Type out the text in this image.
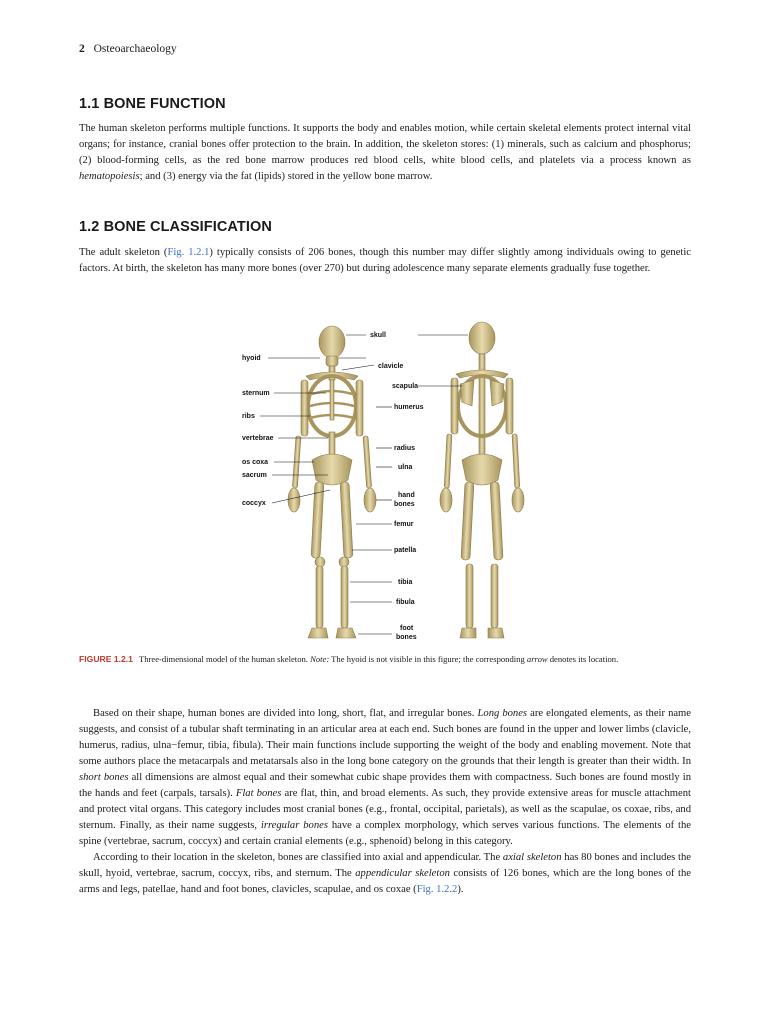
2 Osteoarchaeology
1.1 BONE FUNCTION
The human skeleton performs multiple functions. It supports the body and enables motion, while certain skeletal elements protect internal vital organs; for instance, cranial bones offer protection to the brain. In addition, the skeleton stores: (1) minerals, such as calcium and phosphorus; (2) blood-forming cells, as the red bone marrow produces red blood cells, white blood cells, and platelets via a process known as hematopoiesis; and (3) energy via the fat (lipids) stored in the yellow bone marrow.
1.2 BONE CLASSIFICATION
The adult skeleton (Fig. 1.2.1) typically consists of 206 bones, though this number may differ slightly among individuals owing to genetic factors. At birth, the skeleton has many more bones (over 270) but during adolescence many separate elements gradually fuse together.
hyoid
sternum
ribs
vertebrae
os coxa
sacrum
coccyx
skull
clavicle
scapula
humerus
radius
ulna
hand
bones
femur
patella
tibia
fibula
foot
bones
FIGURE 1.2.1 Three-dimensional model of the human skeleton. Note: The hyoid is not visible in this figure; the corresponding arrow denotes its location.

Based on their shape, human bones are divided into long, short, flat, and irregular bones. Long bones are elongated elements, as their name suggests, and consist of a tubular shaft terminating in an articular area at each end. Such bones are found in the upper and lower limbs (clavicle, humerus, radius, ulna−femur, tibia, fibula). Their main functions include supporting the weight of the body and enabling movement. Note that some authors place the metacarpals and metatarsals also in the long bone category on the grounds that their length is greater than their width. In short bones all dimensions are almost equal and their somewhat cubic shape provides them with compactness. Such bones are found mostly in the hands and feet (carpals, tarsals). Flat bones are flat, thin, and broad elements. As such, they provide extensive areas for muscle attachment and protect vital organs. This category includes most cranial bones (e.g., frontal, occipital, parietals), as well as the scapulae, os coxae, ribs, and sternum. Finally, as their name suggests, irregular bones have a complex morphology, which serves various functions. The elements of the spine (vertebrae, sacrum, coccyx) and certain cranial elements (e.g., sphenoid) belong in this category.

According to their location in the skeleton, bones are classified into axial and appendicular. The axial skeleton has 80 bones and includes the skull, hyoid, vertebrae, sacrum, coccyx, ribs, and sternum. The appendicular skeleton consists of 126 bones, which are the long bones of the arms and legs, patellae, hand and foot bones, clavicles, scapulae, and os coxae (Fig. 1.2.2).
